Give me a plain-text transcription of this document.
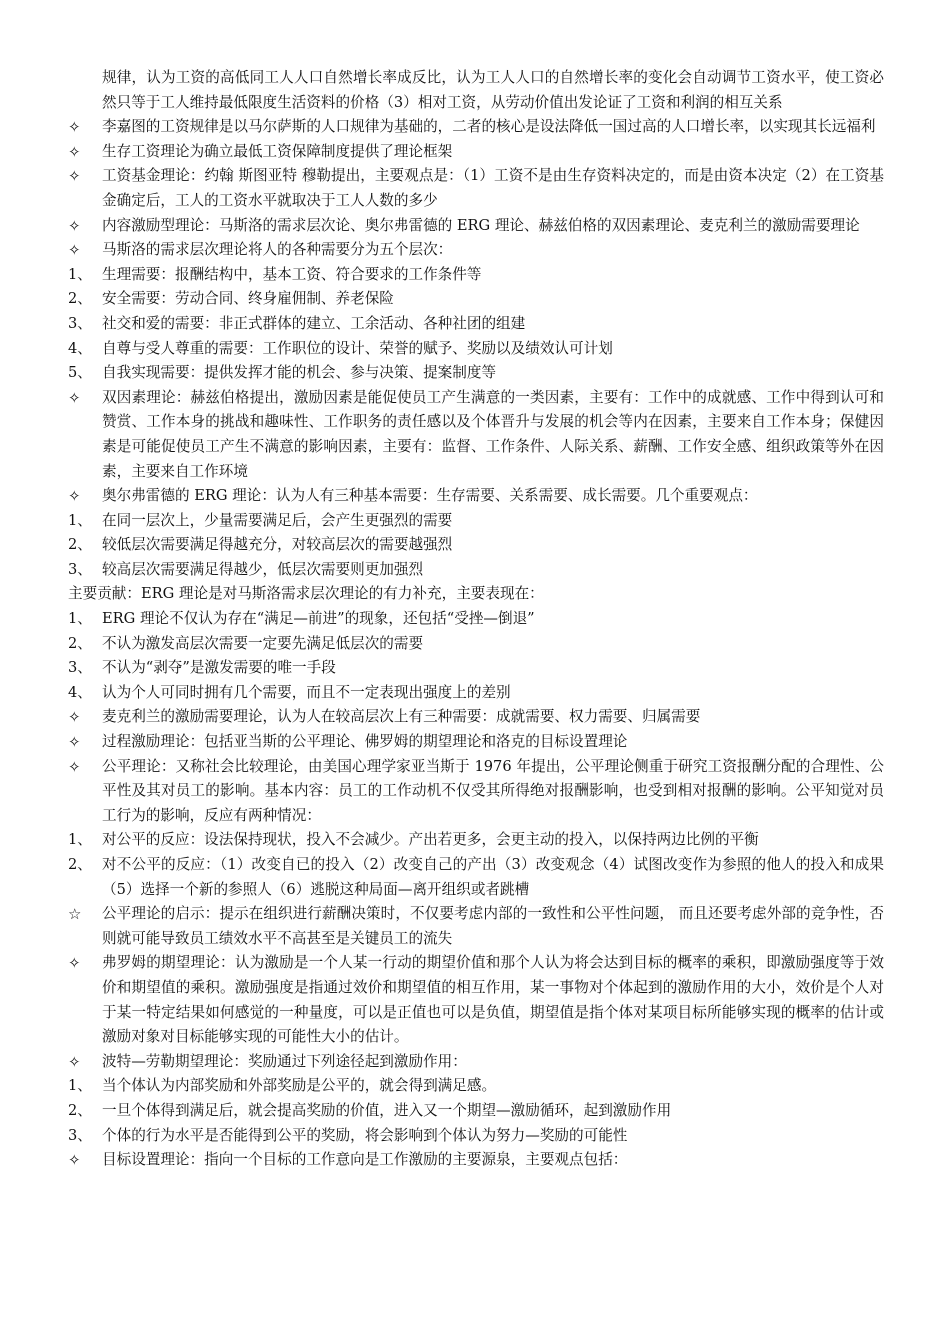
规律，认为工资的高低同工人人口自然增长率成反比，认为工人人口的自然增长率的变化会自动调节工资水平，使工资必然只等于工人维持最低限度生活资料的价格（3）相对工资，从劳动价值出发论证了工资和利润的相互关系
✧	李嘉图的工资规律是以马尔萨斯的人口规律为基础的，二者的核心是设法降低一国过高的人口增长率，以实现其长远福利
✧	生存工资理论为确立最低工资保障制度提供了理论框架
✧	工资基金理论：约翰 斯图亚特 穆勒提出，主要观点是：（1）工资不是由生存资料决定的，而是由资本决定（2）在工资基金确定后，工人的工资水平就取决于工人人数的多少
✧	内容激励型理论：马斯洛的需求层次论、奥尔弗雷德的 ERG 理论、赫兹伯格的双因素理论、麦克利兰的激励需要理论
✧	马斯洛的需求层次理论将人的各种需要分为五个层次：
1、 生理需要：报酬结构中，基本工资、符合要求的工作条件等
2、 安全需要：劳动合同、终身雇佣制、养老保险
3、 社交和爱的需要：非正式群体的建立、工余活动、各种社团的组建
4、 自尊与受人尊重的需要：工作职位的设计、荣誉的赋予、奖励以及绩效认可计划
5、 自我实现需要：提供发挥才能的机会、参与决策、提案制度等
✧	双因素理论：赫兹伯格提出，激励因素是能促使员工产生满意的一类因素，主要有：工作中的成就感、工作中得到认可和赞赏、工作本身的挑战和趣味性、工作职务的责任感以及个体晋升与发展的机会等内在因素，主要来自工作本身；保健因素是可能促使员工产生不满意的影响因素，主要有：监督、工作条件、人际关系、薪酬、工作安全感、组织政策等外在因素，主要来自工作环境
✧	奥尔弗雷德的 ERG 理论：认为人有三种基本需要：生存需要、关系需要、成长需要。几个重要观点：
1、 在同一层次上，少量需要满足后，会产生更强烈的需要
2、 较低层次需要满足得越充分，对较高层次的需要越强烈
3、 较高层次需要满足得越少，低层次需要则更加强烈
主要贡献：ERG 理论是对马斯洛需求层次理论的有力补充，主要表现在：
1、 ERG 理论不仅认为存在“满足—前进”的现象，还包括“受挫—倒退”
2、 不认为激发高层次需要一定要先满足低层次的需要
3、 不认为“剥夺”是激发需要的唯一手段
4、 认为个人可同时拥有几个需要，而且不一定表现出强度上的差别
✧	麦克利兰的激励需要理论，认为人在较高层次上有三种需要：成就需要、权力需要、归属需要
✧	过程激励理论：包括亚当斯的公平理论、佛罗姆的期望理论和洛克的目标设置理论
✧	公平理论：又称社会比较理论，由美国心理学家亚当斯于 1976 年提出，公平理论侧重于研究工资报酬分配的合理性、公平性及其对员工的影响。基本内容：员工的工作动机不仅受其所得绝对报酬影响，也受到相对报酬的影响。公平知觉对员工行为的影响，反应有两种情况：
1、 对公平的反应：设法保持现状，投入不会减少。产出若更多，会更主动的投入，以保持两边比例的平衡
2、 对不公平的反应：（1）改变自已的投入（2）改变自己的产出（3）改变观念（4）试图改变作为参照的他人的投入和成果（5）选择一个新的参照人（6）逃脱这种局面—离开组织或者跳槽
☆	公平理论的启示：提示在组织进行薪酬决策时，不仅要考虑内部的一致性和公平性问题， 而且还要考虑外部的竞争性，否则就可能导致员工绩效水平不高甚至是关键员工的流失
✧	弗罗姆的期望理论：认为激励是一个人某一行动的期望价值和那个人认为将会达到目标的概率的乘积，即激励强度等于效价和期望值的乘积。激励强度是指通过效价和期望值的相互作用，某一事物对个体起到的激励作用的大小，效价是个人对于某一特定结果如何感觉的一种量度，可以是正值也可以是负值，期望值是指个体对某项目标所能够实现的概率的估计或激励对象对目标能够实现的可能性大小的估计。
✧	波特—劳勒期望理论：奖励通过下列途径起到激励作用：
1、 当个体认为内部奖励和外部奖励是公平的，就会得到满足感。
2、 一旦个体得到满足后，就会提高奖励的价值，进入又一个期望—激励循环，起到激励作用
3、 个体的行为水平是否能得到公平的奖励，将会影响到个体认为努力—奖励的可能性
✧	目标设置理论：指向一个目标的工作意向是工作激励的主要源泉，主要观点包括：
